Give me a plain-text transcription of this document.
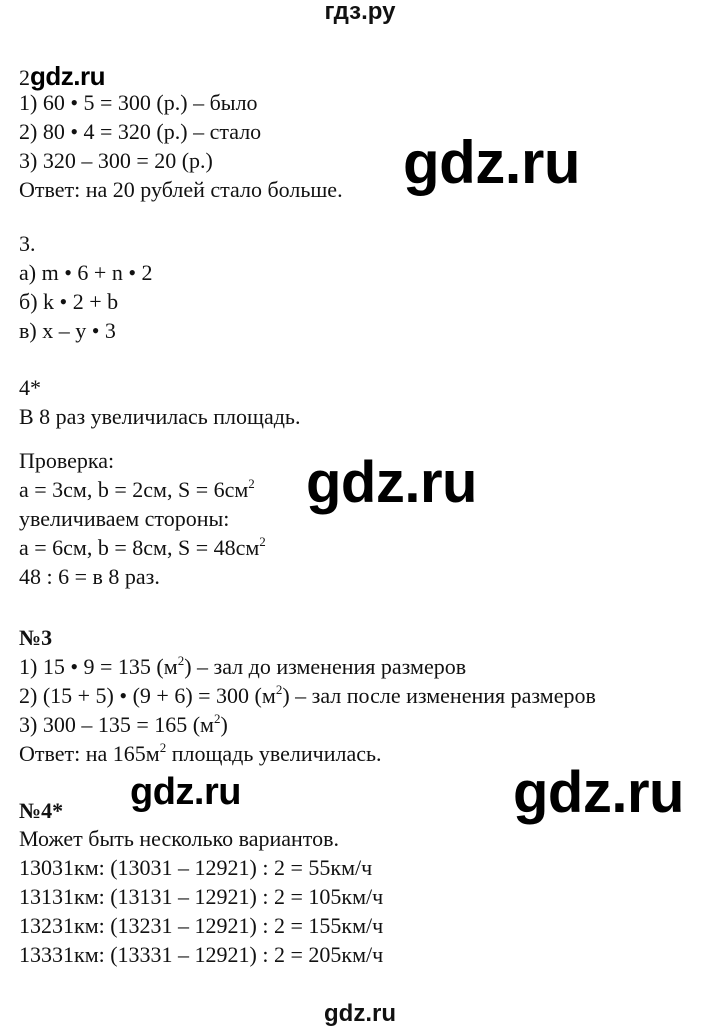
гдз.ру
2gdz.ru
1) 60 • 5 = 300 (р.) – было
2) 80 • 4 = 320 (р.) – стало
3) 320 – 300 = 20 (р.)
Ответ: на 20 рублей стало больше. gdz.ru
3.
а) m • 6 + n • 2
б) k • 2 + b
в) x – y • 3
4*
В 8 раз увеличилась площадь.
Проверка:
a = 3см, b = 2см, $S = 6см^2$
увеличиваем стороны:
a = 6см, b = 8см, $S = 48см^2$
48 : 6 = в 8 раз.
gdz.ru
№3
1) 15 • 9 = 135 $(м^2)$ – зал до изменения размеров
2) (15 + 5) • (9 + 6) = 300 $(м^2)$ – зал после изменения размеров
3) 300 – 135 = 165 $(м^2)$
Ответ: на $165м^2$ площадь увеличилась.
№4* gdz.ru	gdz.ru
Может быть несколько вариантов.
13031км: (13031 – 12921) : 2 = 55км/ч
13131км: (13131 – 12921) : 2 = 105км/ч
13231км: (13231 – 12921) : 2 = 155км/ч
13331км: (13331 – 12921) : 2 = 205км/ч
gdz.ru
